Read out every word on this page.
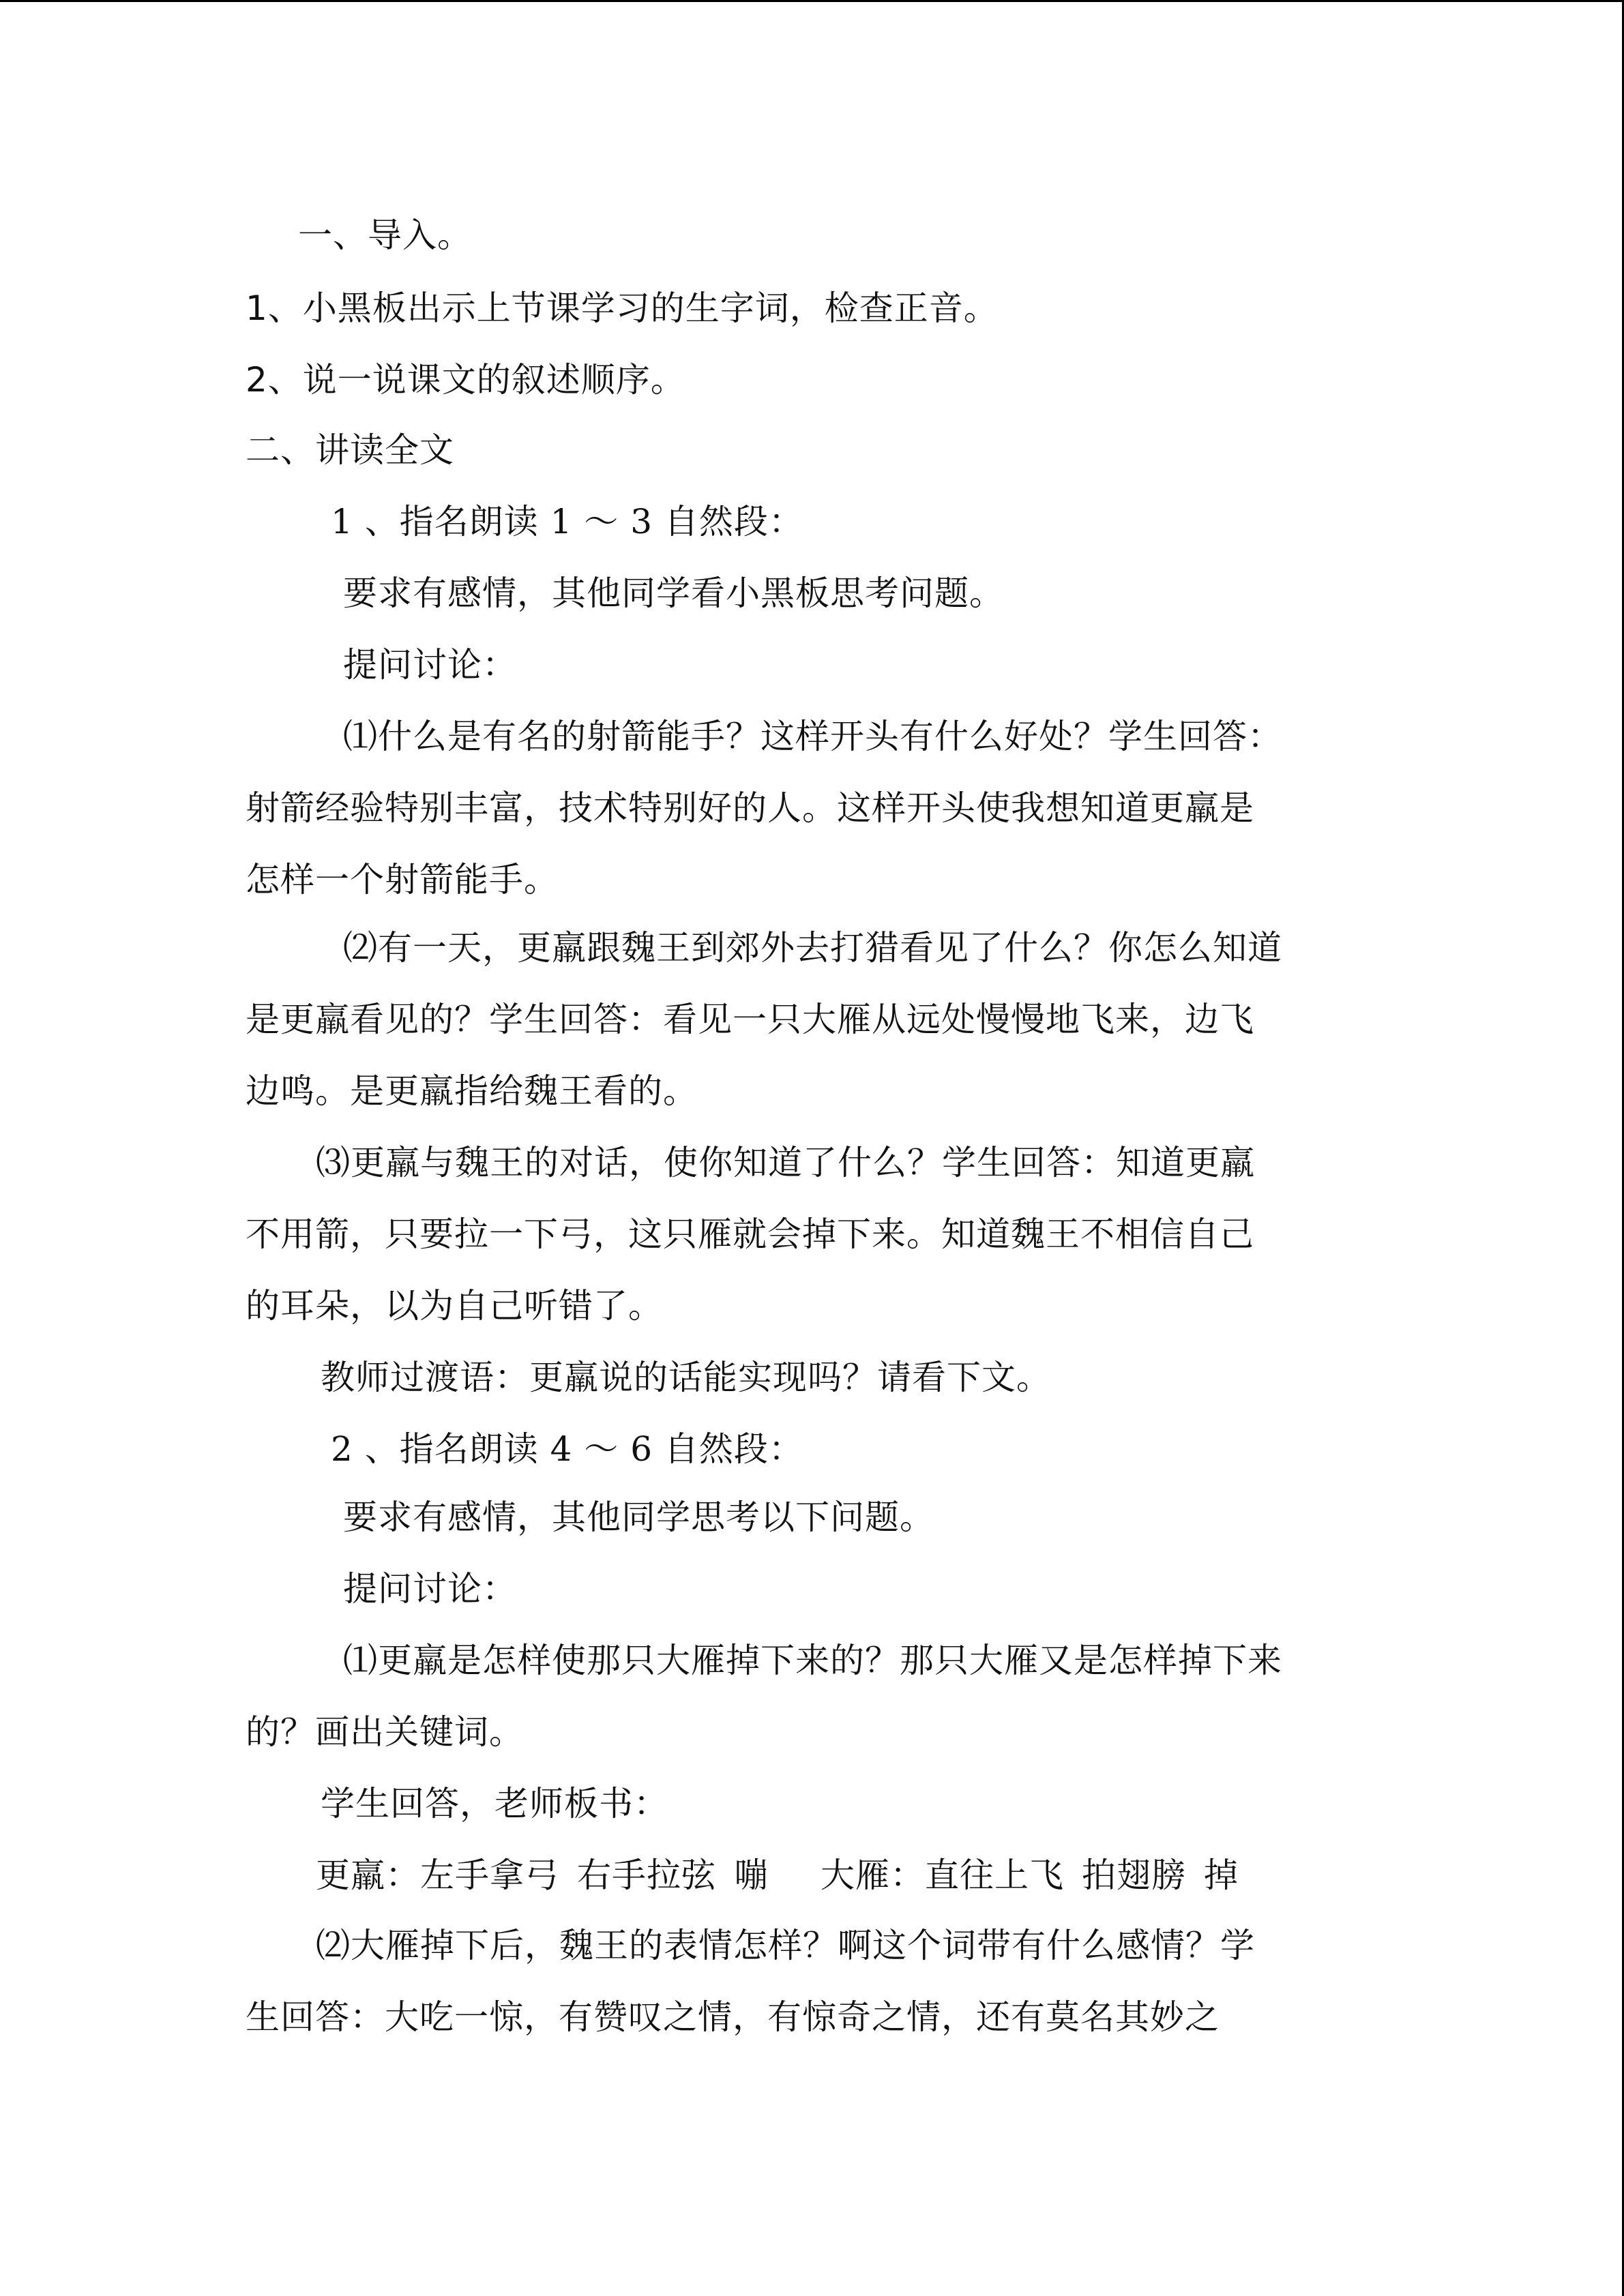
一、导入。
1、小黑板出示上节课学习的生字词，检查正音。
2、说一说课文的叙述顺序。
二、讲读全文
1 、指名朗读 1 ～ 3 自然段：
要求有感情，其他同学看小黑板思考问题。
提问讨论：
⑴什么是有名的射箭能手？这样开头有什么好处？学生回答：
射箭经验特别丰富，技术特别好的人。这样开头使我想知道更羸是
怎样一个射箭能手。
⑵有一天，更羸跟魏王到郊外去打猎看见了什么？你怎么知道
是更羸看见的？学生回答：看见一只大雁从远处慢慢地飞来，边飞
边鸣。是更羸指给魏王看的。
⑶更羸与魏王的对话，使你知道了什么？学生回答：知道更羸
不用箭，只要拉一下弓，这只雁就会掉下来。知道魏王不相信自己
的耳朵，以为自己听错了。
教师过渡语：更羸说的话能实现吗？请看下文。
2 、指名朗读 4 ～ 6 自然段：
要求有感情，其他同学思考以下问题。
提问讨论：
⑴更羸是怎样使那只大雁掉下来的？那只大雁又是怎样掉下来
的？画出关键词。
学生回答，老师板书：
更羸：左手拿弓 右手拉弦 嘣 大雁：直往上飞 拍翅膀 掉
⑵大雁掉下后，魏王的表情怎样？啊这个词带有什么感情？学
生回答：大吃一惊，有赞叹之情，有惊奇之情，还有莫名其妙之
